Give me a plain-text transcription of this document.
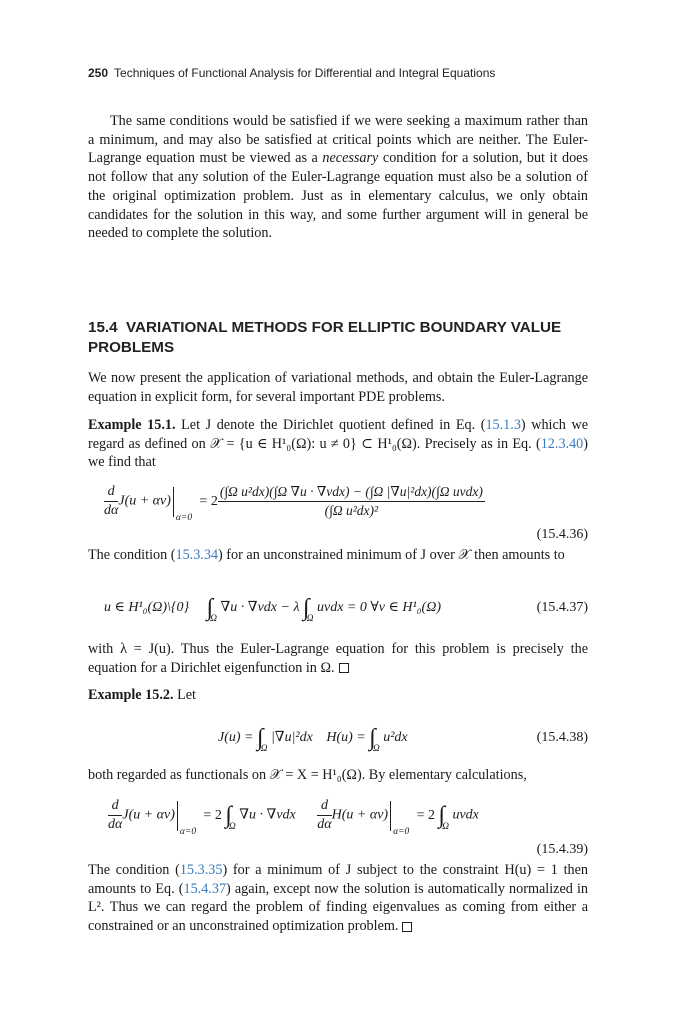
250 Techniques of Functional Analysis for Differential and Integral Equations
The same conditions would be satisfied if we were seeking a maximum rather than a minimum, and may also be satisfied at critical points which are neither. The Euler-Lagrange equation must be viewed as a necessary condition for a solution, but it does not follow that any solution of the Euler-Lagrange equation must also be a solution of the original optimization problem. Just as in elementary calculus, we only obtain candidates for the solution in this way, and some further argument will in general be needed to complete the solution.
15.4 VARIATIONAL METHODS FOR ELLIPTIC BOUNDARY VALUE PROBLEMS
We now present the application of variational methods, and obtain the Euler-Lagrange equation in explicit form, for several important PDE problems.
Example 15.1. Let J denote the Dirichlet quotient defined in Eq. (15.1.3) which we regard as defined on 𝒳 = {u ∈ H¹₀(Ω): u ≠ 0} ⊂ H¹₀(Ω). Precisely as in Eq. (12.3.40) we find that
$\frac{d}{d\alpha} J(u + \alpha v)$
α=0
= $2 \frac{\text{(∫Ω u²dx)(∫Ω ∇u · ∇vdx) − (∫Ω |∇u|²dx)(∫Ω uvdx)}}{\text{(∫Ω u²dx)²}}$
(15.4.36)
The condition (15.3.34) for an unconstrained minimum of J over 𝒳 then amounts to
u ∈ H¹₀(Ω)\{0} $\int_\Omega$ ∇u · ∇vdx − λ $\int_\Omega$ uvdx = 0 ∀v ∈ H¹₀(Ω)	(15.4.37)
with λ = J(u). Thus the Euler-Lagrange equation for this problem is precisely the equation for a Dirichlet eigenfunction in Ω.
Example 15.2. Let
$J(u) = \int_\Omega$ |∇u|²dx $H(u) = \int_\Omega$ u²dx	(15.4.38)
both regarded as functionals on 𝒳 = X = H¹₀(Ω). By elementary calculations,
$\frac{d}{d\alpha} J(u + \alpha v)$
α=0
= 2 $\int_\Omega$ $\nabla u \cdot \nabla vdx \frac{d}{d\alpha} H(u + \alpha v)$
α=0
= 2 $\int_\Omega$ uvdx
(15.4.39)
The condition (15.3.35) for a minimum of J subject to the constraint H(u) = 1 then amounts to Eq. (15.4.37) again, except now the solution is automatically normalized in L². Thus we can regard the problem of finding eigenvalues as coming from either a constrained or an unconstrained optimization problem.
